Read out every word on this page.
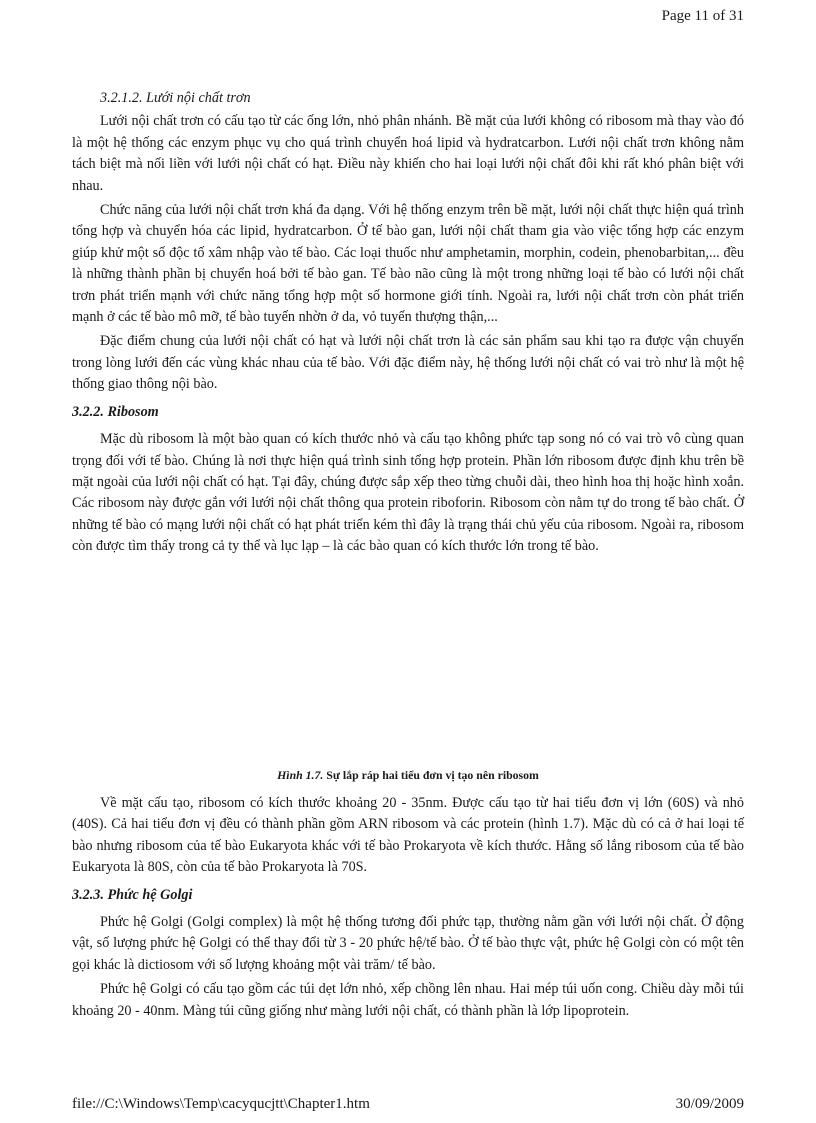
Page 11 of 31
3.2.1.2. Lưới nội chất trơn

Lưới nội chất trơn có cấu tạo từ các ống lớn, nhỏ phân nhánh. Bề mặt của lưới không có ribosom mà thay vào đó là một hệ thống các enzym phục vụ cho quá trình chuyển hoá lipid và hydratcarbon. Lưới nội chất trơn không nằm tách biệt mà nối liền với lưới nội chất có hạt. Điều này khiến cho hai loại lưới nội chất đôi khi rất khó phân biệt với nhau.

Chức năng của lưới nội chất trơn khá đa dạng. Với hệ thống enzym trên bề mặt, lưới nội chất thực hiện quá trình tổng hợp và chuyển hóa các lipid, hydratcarbon. Ở tế bào gan, lưới nội chất tham gia vào việc tổng hợp các enzym giúp khử một số độc tố xâm nhập vào tế bào. Các loại thuốc như amphetamin, morphin, codein, phenobarbitan,... đều là những thành phần bị chuyển hoá bởi tế bào gan. Tế bào não cũng là một trong những loại tế bào có lưới nội chất trơn phát triển mạnh với chức năng tổng hợp một số hormone giới tính. Ngoài ra, lưới nội chất trơn còn phát triển mạnh ở các tế bào mô mỡ, tế bào tuyến nhờn ở da, vỏ tuyến thượng thận,...

Đặc điểm chung của lưới nội chất có hạt và lưới nội chất trơn là các sản phẩm sau khi tạo ra được vận chuyển trong lòng lưới đến các vùng khác nhau của tế bào. Với đặc điểm này, hệ thống lưới nội chất có vai trò như là một hệ thống giao thông nội bào.

3.2.2. Ribosom

Mặc dù ribosom là một bào quan có kích thước nhỏ và cấu tạo không phức tạp song nó có vai trò vô cùng quan trọng đối với tế bào. Chúng là nơi thực hiện quá trình sinh tổng hợp protein. Phần lớn ribosom được định khu trên bề mặt ngoài của lưới nội chất có hạt. Tại đây, chúng được sắp xếp theo từng chuỗi dài, theo hình hoa thị hoặc hình xoắn. Các ribosom này được gắn với lưới nội chất thông qua protein riboforin. Ribosom còn nằm tự do trong tế bào chất. Ở những tế bào có mạng lưới nội chất có hạt phát triển kém thì đây là trạng thái chủ yếu của ribosom. Ngoài ra, ribosom còn được tìm thấy trong cả ty thể và lục lạp – là các bào quan có kích thước lớn trong tế bào.

Hình 1.7. Sự lắp ráp hai tiểu đơn vị tạo nên ribosom

Về mặt cấu tạo, ribosom có kích thước khoảng 20 - 35nm. Được cấu tạo từ hai tiểu đơn vị lớn (60S) và nhỏ (40S). Cả hai tiểu đơn vị đều có thành phần gồm ARN ribosom và các protein (hình 1.7). Mặc dù có cả ở hai loại tế bào nhưng ribosom của tế bào Eukaryota khác với tế bào Prokaryota về kích thước. Hằng số lắng ribosom của tế bào Eukaryota là 80S, còn của tế bào Prokaryota là 70S.

3.2.3. Phức hệ Golgi

Phức hệ Golgi (Golgi complex) là một hệ thống tương đối phức tạp, thường nằm gần với lưới nội chất. Ở động vật, số lượng phức hệ Golgi có thể thay đổi từ 3 - 20 phức hệ/tế bào. Ở tế bào thực vật, phức hệ Golgi còn có một tên gọi khác là dictiosom với số lượng khoảng một vài trăm/ tế bào.

Phức hệ Golgi có cấu tạo gồm các túi dẹt lớn nhỏ, xếp chồng lên nhau. Hai mép túi uốn cong. Chiều dày mỗi túi khoảng 20 - 40nm. Màng túi cũng giống như màng lưới nội chất, có thành phần là lớp lipoprotein.

file://C:\Windows\Temp\cacyqucjtt\Chapter1.htm	30/09/2009
